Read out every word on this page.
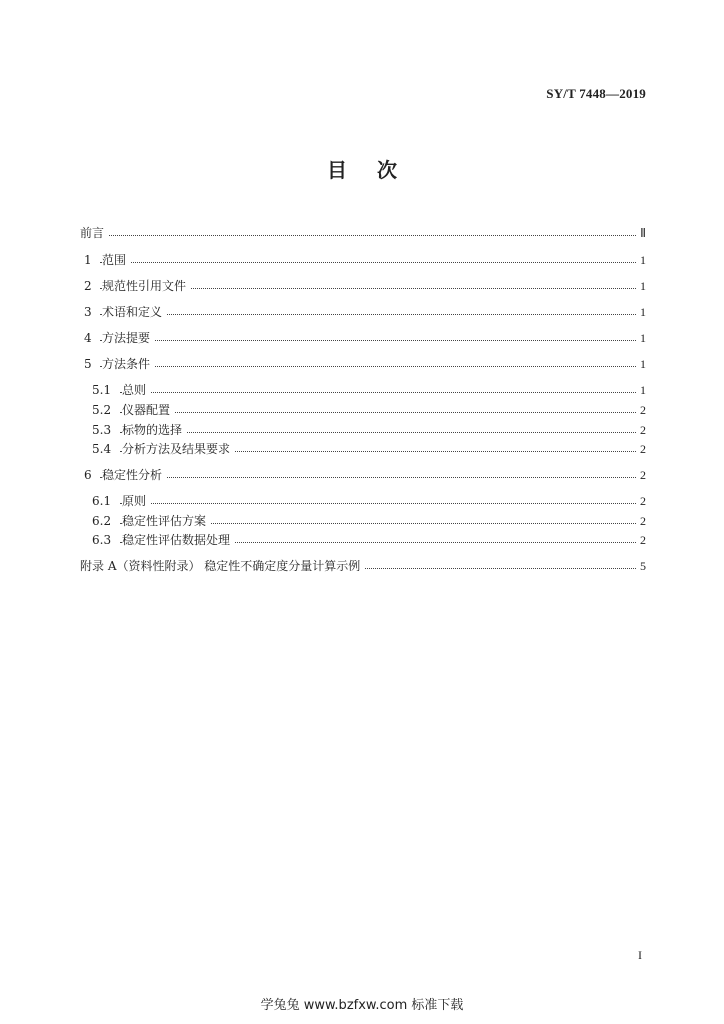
SY/T 7448—2019
目次
前言	Ⅱ
1 范围	1
2 规范性引用文件	1
3 术语和定义	1
4 方法提要	1
5 方法条件	1
5.1 总则	1
5.2 仪器配置	2
5.3 标物的选择	2
5.4 分析方法及结果要求	2
6 稳定性分析	2
6.1 原则	2
6.2 稳定性评估方案	2
6.3 稳定性评估数据处理	2
附录 A（资料性附录） 稳定性不确定度分量计算示例	5
I
学兔兔 www.bzfxw.com 标准下载
